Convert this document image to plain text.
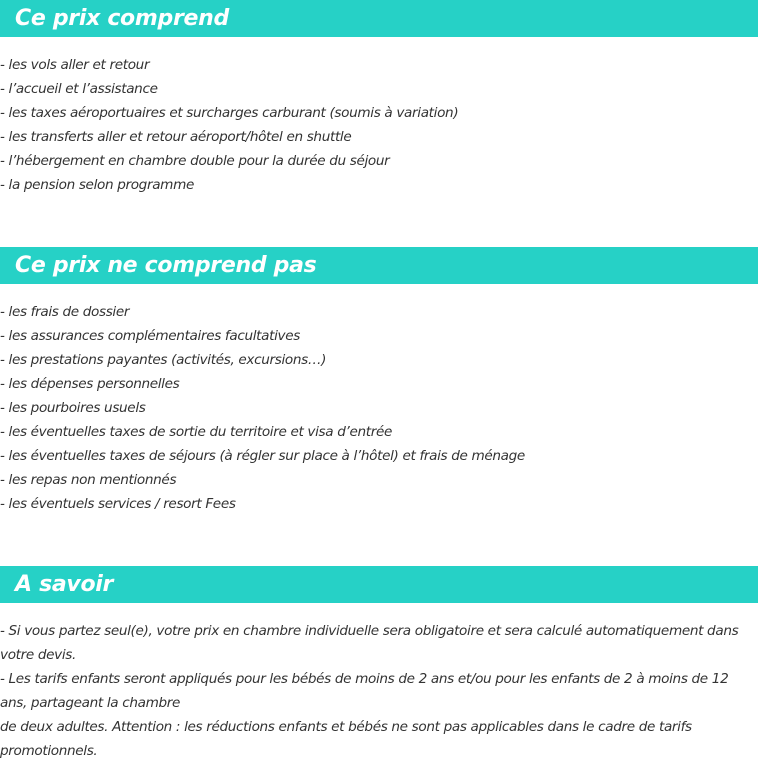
Ce prix comprend
- les vols aller et retour
- l’accueil et l’assistance
- les taxes aéroportuaires et surcharges carburant (soumis à variation)
- les transferts aller et retour aéroport/hôtel en shuttle
- l’hébergement en chambre double pour la durée du séjour
- la pension selon programme
Ce prix ne comprend pas
- les frais de dossier
- les assurances complémentaires facultatives
- les prestations payantes (activités, excursions…)
- les dépenses personnelles
- les pourboires usuels
- les éventuelles taxes de sortie du territoire et visa d’entrée
- les éventuelles taxes de séjours (à régler sur place à l’hôtel) et frais de ménage
- les repas non mentionnés
- les éventuels services / resort Fees
A savoir

- Si vous partez seul(e), votre prix en chambre individuelle sera obligatoire et sera calculé automatiquement dans votre devis.

- Les tarifs enfants seront appliqués pour les bébés de moins de 2 ans et/ou pour les enfants de 2 à moins de 12 ans, partageant la chambre

de deux adultes. Attention : les réductions enfants et bébés ne sont pas applicables dans le cadre de tarifs promotionnels.
